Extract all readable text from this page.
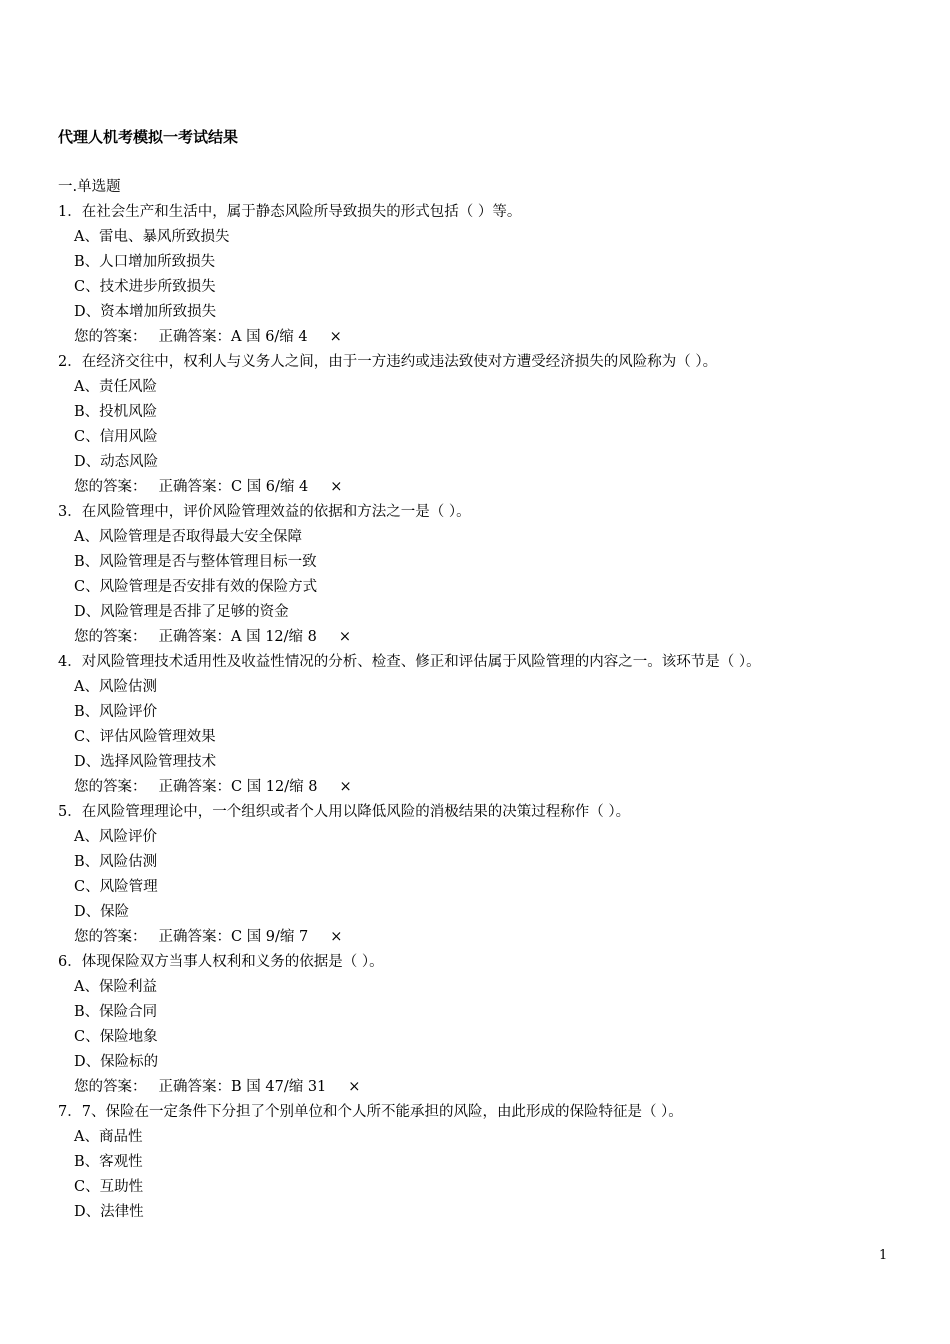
代理人机考模拟一考试结果
一.单选题
1．在社会生产和生活中，属于静态风险所导致损失的形式包括（ ）等。
A、雷电、暴风所致损失
B、人口增加所致损失
C、技术进步所致损失
D、资本增加所致损失
您的答案： 正确答案：A 国 6/缩 4 ×
2．在经济交往中，权利人与义务人之间，由于一方违约或违法致使对方遭受经济损失的风险称为（ ）。
A、责任风险
B、投机风险
C、信用风险
D、动态风险
您的答案： 正确答案：C 国 6/缩 4 ×
3．在风险管理中，评价风险管理效益的依据和方法之一是（ ）。
A、风险管理是否取得最大安全保障
B、风险管理是否与整体管理目标一致
C、风险管理是否安排有效的保险方式
D、风险管理是否排了足够的资金
您的答案： 正确答案：A 国 12/缩 8 ×
4．对风险管理技术适用性及收益性情况的分析、检查、修正和评估属于风险管理的内容之一。该环节是（ ）。
A、风险估测
B、风险评价
C、评估风险管理效果
D、选择风险管理技术
您的答案： 正确答案：C 国 12/缩 8 ×
5．在风险管理理论中，一个组织或者个人用以降低风险的消极结果的决策过程称作（ ）。
A、风险评价
B、风险估测
C、风险管理
D、保险
您的答案： 正确答案：C 国 9/缩 7 ×
6．体现保险双方当事人权利和义务的依据是（ ）。
A、保险利益
B、保险合同
C、保险地象
D、保险标的
您的答案： 正确答案：B 国 47/缩 31 ×
7．7、保险在一定条件下分担了个别单位和个人所不能承担的风险，由此形成的保险特征是（ ）。
A、商品性
B、客观性
C、互助性
D、法律性
1
